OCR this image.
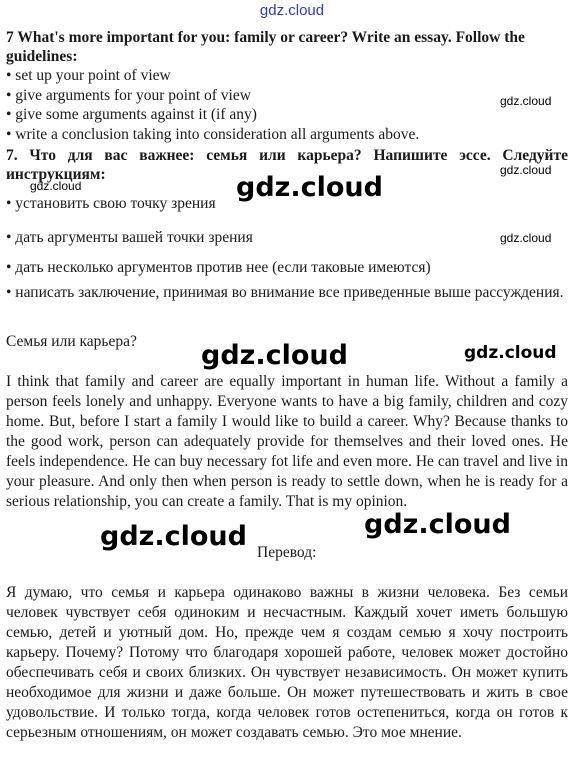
gdz.cloud
7 What's more important for you: family or career? Write an essay. Follow the guidelines:
• set up your point of view
• give arguments for your point of view
• give some arguments against it (if any)
• write a conclusion taking into consideration all arguments above.
7. Что для вас важнее: семья или карьера? Напишите эссе. Следуйте инструкциям:
• установить свою точку зрения
• дать аргументы вашей точки зрения
• дать несколько аргументов против нее (если таковые имеются)
• написать заключение, принимая во внимание все приведенные выше рассуждения.
Семья или карьера?
I think that family and career are equally important in human life. Without a family a person feels lonely and unhappy. Everyone wants to have a big family, children and cozy home. But, before I start a family I would like to build a career. Why? Because thanks to the good work, person can adequately provide for themselves and their loved ones. He feels independence. He can buy necessary fot life and even more. He can travel and live in your pleasure. And only then when person is ready to settle down, when he is ready for a serious relationship, you can create a family. That is my opinion.
Перевод:
Я думаю, что семья и карьера одинаково важны в жизни человека. Без семьи человек чувствует себя одиноким и несчастным. Каждый хочет иметь большую семью, детей и уютный дом. Но, прежде чем я создам семью я хочу построить карьеру. Почему? Потому что благодаря хорошей работе, человек может достойно обеспечивать себя и своих близких. Он чувствует независимость. Он может купить необходимое для жизни и даже больше. Он может путешествовать и жить в свое удовольствие. И только тогда, когда человек готов остепениться, когда он готов к серьезным отношениям, он может создавать семью. Это мое мнение.
gdz.cloud
gdz.cloud
gdz.cloud
gdz.cloud
gdz.cloud
gdz.cloud	gdz.cloud
gdz.cloud
gdz.cloud
